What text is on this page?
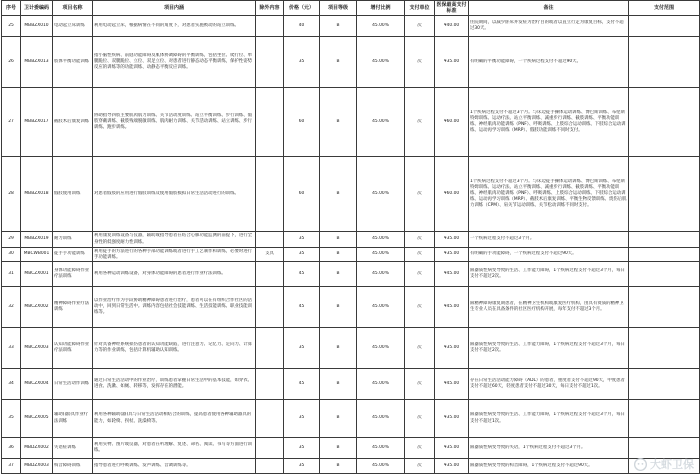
序号	卫计委编码	项目名称	项目内涵	除外内容	价格（元）	项目等级	增付比例	支付单位	医保最高支付标准	备注	支付范围

25	MBBZX010	电动起立床训练	利用电动起立床，根据病情在不同的角度下，对患者实施被动的站立训练。		40	B	45.00%	次	¥40.00	住院期间，以减少卧床并发症为治疗目的或者以直立行走为康复目标，支付不超过30天。	

26	MBBZX013	肢体平衡功能训练	指小脑性疾病、前庭功能障碍及肌体协调障碍的平衡训练，包括坐位、爬行位、单腿跪位、双腿跪位、立位、双足立位、对患者进行静态动态平衡训练，保护性姿势反应的训练等的功能训练、动静态平衡反应训练。		35	B	45.00%	次	¥35.00	有明确的平衡功能障碍，一个疾病过程支付不超过90天。	

27	MBBZX017	截肢术后康复训练	协助指导四肢主要肌肉肌力训练、关节活动度训练、站立平衡训练、步行训练、假肢穿戴训练、截肢残端脱敏训练、肌肉耐力训练、关节活动训练、站立训练、步行训练、跑步训练。		60	B	45.00%	次	¥60.00	1个疾病过程支付不超过3个月。与床边徒手操体运动训练、博巴斯训练、布伦斯特姆训练、运动疗法、站立平衡训练、减重步行训练、截肢训练、平衡功能训练、神经肌肉功能训练（PNF）、呼吸训练、上肢综合运动训练、下肢综合运动训练、运动再学习训练（MRP）、假肢功能训练不同时支付。	

28	MBBZX018	假肢使用训练	对患者假肢的应用进行假肢训练及使用假肢模拟日常生活活动进行的训练。		60	B	45.00%	次	¥60.00	1个疾病过程支付不超过3个月。与床边徒手操体运动训练、博巴斯训练、布伦斯特姆训练、运动疗法、站立平衡训练、减重步行训练、截肢训练、平衡功能训练、神经肌肉功能训练（PNF）、呼吸训练、上肢综合运动训练、下肢综合运动训练、运动再学习训练（MRP）、截肢术后康复训练、平衡生物反馈训练、烧伤后肌力训练（CPM）、肩关节运动训练、关节松动训练不同时支付。	

29	MBBZX019	耐力训练	利用康复训练设备与仪器，辅助或指导患者在结合心肺功能监测的前提下，进行全身性的低强度耐力性训练。		35	B	45.00%	次	¥35.00	一个疾病过程支付不超过3个月。	

30	MBCWB001	徒手手功能训练	利用徒手的方法进行的各种手部功能训练或者进行手工艺制作和训练，必要时进行手功能训练。	支具	35	B	45.00%	次	¥35.00	有明确的手功能障碍，一个疾病过程支付不超过90天。	

31	MBCZX001	身体功能障碍作业疗法训练	利用各种运动训练设备，对身体功能障碍的患者进行作业疗法训练。		45	B	45.00%	次	¥45.00	限器质性病变导致的生活、工作能力障碍，1个疾病过程支付不超过3个月，每日支付不超过2次。	

32	MBCZX002	精神障碍作业疗法训练	以作业治疗作为手段协助精神障碍患者进行治疗，患者可以在有组织合作社区的活动中，回到日常生活中。训练内容包括社会技能训练、生活技能训练、职业技能训练等。		45	B	45.00%	次	¥45.00	限精神障碍康复期患者，在精神卫生机构或康复医疗机构，由具有资质的精神卫生专业人员在具备条件的社区医疗机构开展，每年支付不超过3个月。	

33	MBCZX003	认知功能障碍作业疗法训练	针对具备神经系统损伤患者的认知功能缺陷，进行注意力、记忆力、定向力、计算力等的作业训练，包括计算机辅助认知训练。		35	B	45.00%	次	¥35.00	限器质性病变导致的生活、工作能力障碍，1个疾病过程支付不超过3个月，每日支付不超过2次。	

34	MBCZX004	日常生活动作训练	通过日常生活活动中的作业治疗，训练患者掌握日常生活中的基本技能，如穿衣、进食、洗漱、如厕、转移等，发挥存在的潜能。		45	B	45.00%	次	¥45.00	存在日常生活活动能力障碍（ADL）的患者，重度者支付不超过90天，中度患者支付不超过60天，轻度患者支付不超过30天，每日支付不超过1次。	

35	MBCZX005	辅助(器)具作业疗法训练	利用各种辅助(器)具与日常生活活动相结合的训练，提高患者使用各种辅助器具的能力，如轮椅、拐杖、洗澡椅等。		35	B	45.00%	次	¥35.00	限器质性病变导致的生活、工作能力障碍，1个疾病过程支付不超过3个月，每日支付不超过1次。	

36	MBDZX002	失语症训练	利用实物、图片或仪器，对患者在听理解、复述、命名、阅读、书写等方面进行训练。		35	B	45.00%	次	¥35.00	限器质性病变导致的失语，1个疾病过程支付不超过3个月。	

37	MBDZX003	构音障碍训练	指导患者进行呼吸训练、发声训练、音调训练等。		35	B	45.00%	次	¥35.00	限器质性病变导致的构音障碍，1个疾病过程支付不超过90天。	
		大虾卫保
